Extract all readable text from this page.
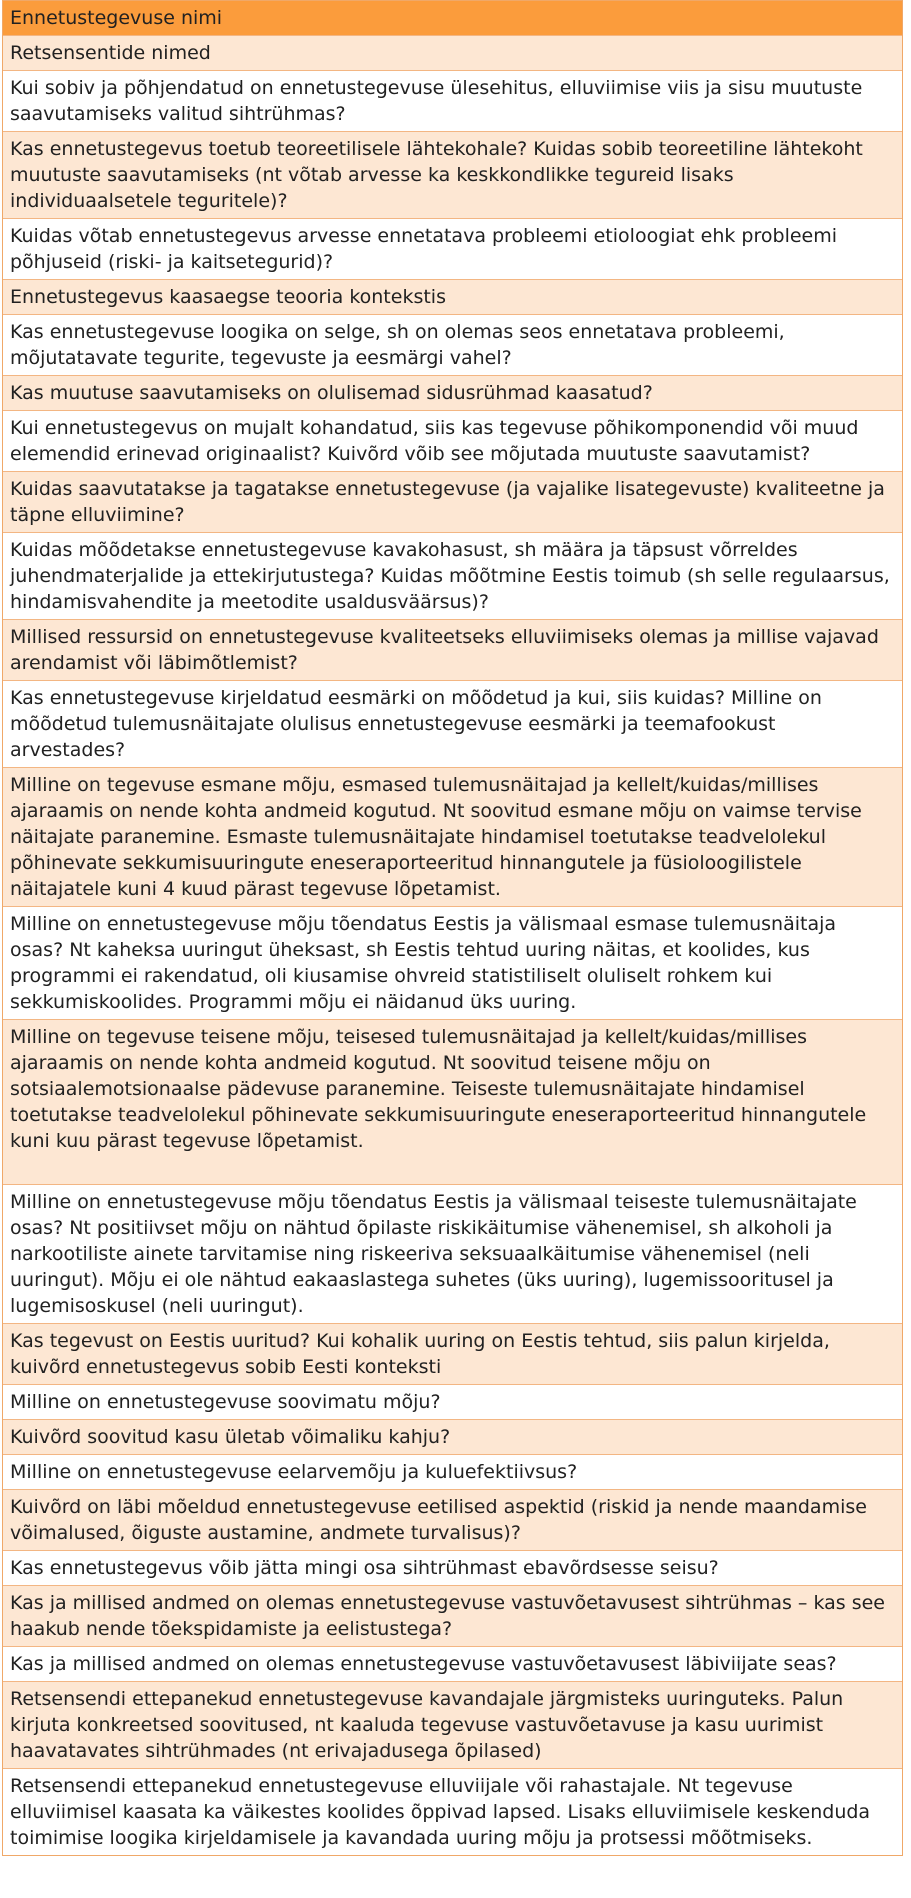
Ennetustegevuse nimi
Retsensentide nimed
Kui sobiv ja põhjendatud on ennetustegevuse ülesehitus, elluviimise viis ja sisu muutuste saavutamiseks valitud sihtrühmas?
Kas ennetustegevus toetub teoreetilisele lähtekohale? Kuidas sobib teoreetiline lähtekoht muutuste saavutamiseks (nt võtab arvesse ka keskkondlikke tegureid lisaks individuaalsetele teguritele)?
Kuidas võtab ennetustegevus arvesse ennetatava probleemi etioloogiat ehk probleemi põhjuseid (riski- ja kaitsetegurid)?
Ennetustegevus kaasaegse teooria kontekstis
Kas ennetustegevuse loogika on selge, sh on olemas seos ennetatava probleemi, mõjutatavate tegurite, tegevuste ja eesmärgi vahel?
Kas muutuse saavutamiseks on olulisemad sidusrühmad kaasatud?
Kui ennetustegevus on mujalt kohandatud, siis kas tegevuse põhikomponendid või muud elemendid erinevad originaalist? Kuivõrd võib see mõjutada muutuste saavutamist?
Kuidas saavutatakse ja tagatakse ennetustegevuse (ja vajalike lisategevuste) kvaliteetne ja täpne elluviimine?
Kuidas mõõdetakse ennetustegevuse kavakohasust, sh määra ja täpsust võrreldes juhendmaterjalide ja ettekirjutustega? Kuidas mõõtmine Eestis toimub (sh selle regulaarsus, hindamisvahendite ja meetodite usaldusväärsus)?
Millised ressursid on ennetustegevuse kvaliteetseks elluviimiseks olemas ja millise vajavad arendamist või läbimõtlemist?
Kas ennetustegevuse kirjeldatud eesmärki on mõõdetud ja kui, siis kuidas? Milline on mõõdetud tulemusnäitajate olulisus ennetustegevuse eesmärki ja teemafookust arvestades?
Milline on tegevuse esmane mõju, esmased tulemusnäitajad ja kellelt/kuidas/millises ajaraamis on nende kohta andmeid kogutud. Nt soovitud esmane mõju on vaimse tervise näitajate paranemine. Esmaste tulemusnäitajate hindamisel toetutakse teadvelolekul põhinevate sekkumisuuringute eneseraporteeritud hinnangutele ja füsioloogilistele näitajatele kuni 4 kuud pärast tegevuse lõpetamist.
Milline on ennetustegevuse mõju tõendatus Eestis ja välismaal esmase tulemusnäitaja osas? Nt kaheksa uuringut üheksast, sh Eestis tehtud uuring näitas, et koolides, kus programmi ei rakendatud, oli kiusamise ohvreid statistiliselt oluliselt rohkem kui sekkumiskoolides. Programmi mõju ei näidanud üks uuring.
Milline on tegevuse teisene mõju, teisesed tulemusnäitajad ja kellelt/kuidas/millises ajaraamis on nende kohta andmeid kogutud. Nt soovitud teisene mõju on sotsiaalemotsionaalse pädevuse paranemine. Teiseste tulemusnäitajate hindamisel toetutakse teadvelolekul põhinevate sekkumisuuringute eneseraporteeritud hinnangutele kuni kuu pärast tegevuse lõpetamist.
Milline on ennetustegevuse mõju tõendatus Eestis ja välismaal teiseste tulemusnäitajate osas? Nt positiivset mõju on nähtud õpilaste riskikäitumise vähenemisel, sh alkoholi ja narkootiliste ainete tarvitamise ning riskeeriva seksuaalkäitumise vähenemisel (neli uuringut). Mõju ei ole nähtud eakaaslastega suhetes (üks uuring), lugemissooritusel ja lugemisoskusel (neli uuringut).
Kas tegevust on Eestis uuritud? Kui kohalik uuring on Eestis tehtud, siis palun kirjelda, kuivõrd ennetustegevus sobib Eesti konteksti
Milline on ennetustegevuse soovimatu mõju?
Kuivõrd soovitud kasu ületab võimaliku kahju?
Milline on ennetustegevuse eelarvemõju ja kuluefektiivsus?
Kuivõrd on läbi mõeldud ennetustegevuse eetilised aspektid (riskid ja nende maandamise võimalused, õiguste austamine, andmete turvalisus)?
Kas ennetustegevus võib jätta mingi osa sihtrühmast ebavõrdsesse seisu?
Kas ja millised andmed on olemas ennetustegevuse vastuvõetavusest sihtrühmas – kas see haakub nende tõekspidamiste ja eelistustega?
Kas ja millised andmed on olemas ennetustegevuse vastuvõetavusest läbiviijate seas?
Retsensendi ettepanekud ennetustegevuse kavandajale järgmisteks uuringuteks. Palun kirjuta konkreetsed soovitused, nt kaaluda tegevuse vastuvõetavuse ja kasu uurimist haavatavates sihtrühmades (nt erivajadusega õpilased)
Retsensendi ettepanekud ennetustegevuse elluviijale või rahastajale. Nt tegevuse elluviimisel kaasata ka väikestes koolides õppivad lapsed. Lisaks elluviimisele keskenduda toimimise loogika kirjeldamisele ja kavandada uuring mõju ja protsessi mõõtmiseks.
